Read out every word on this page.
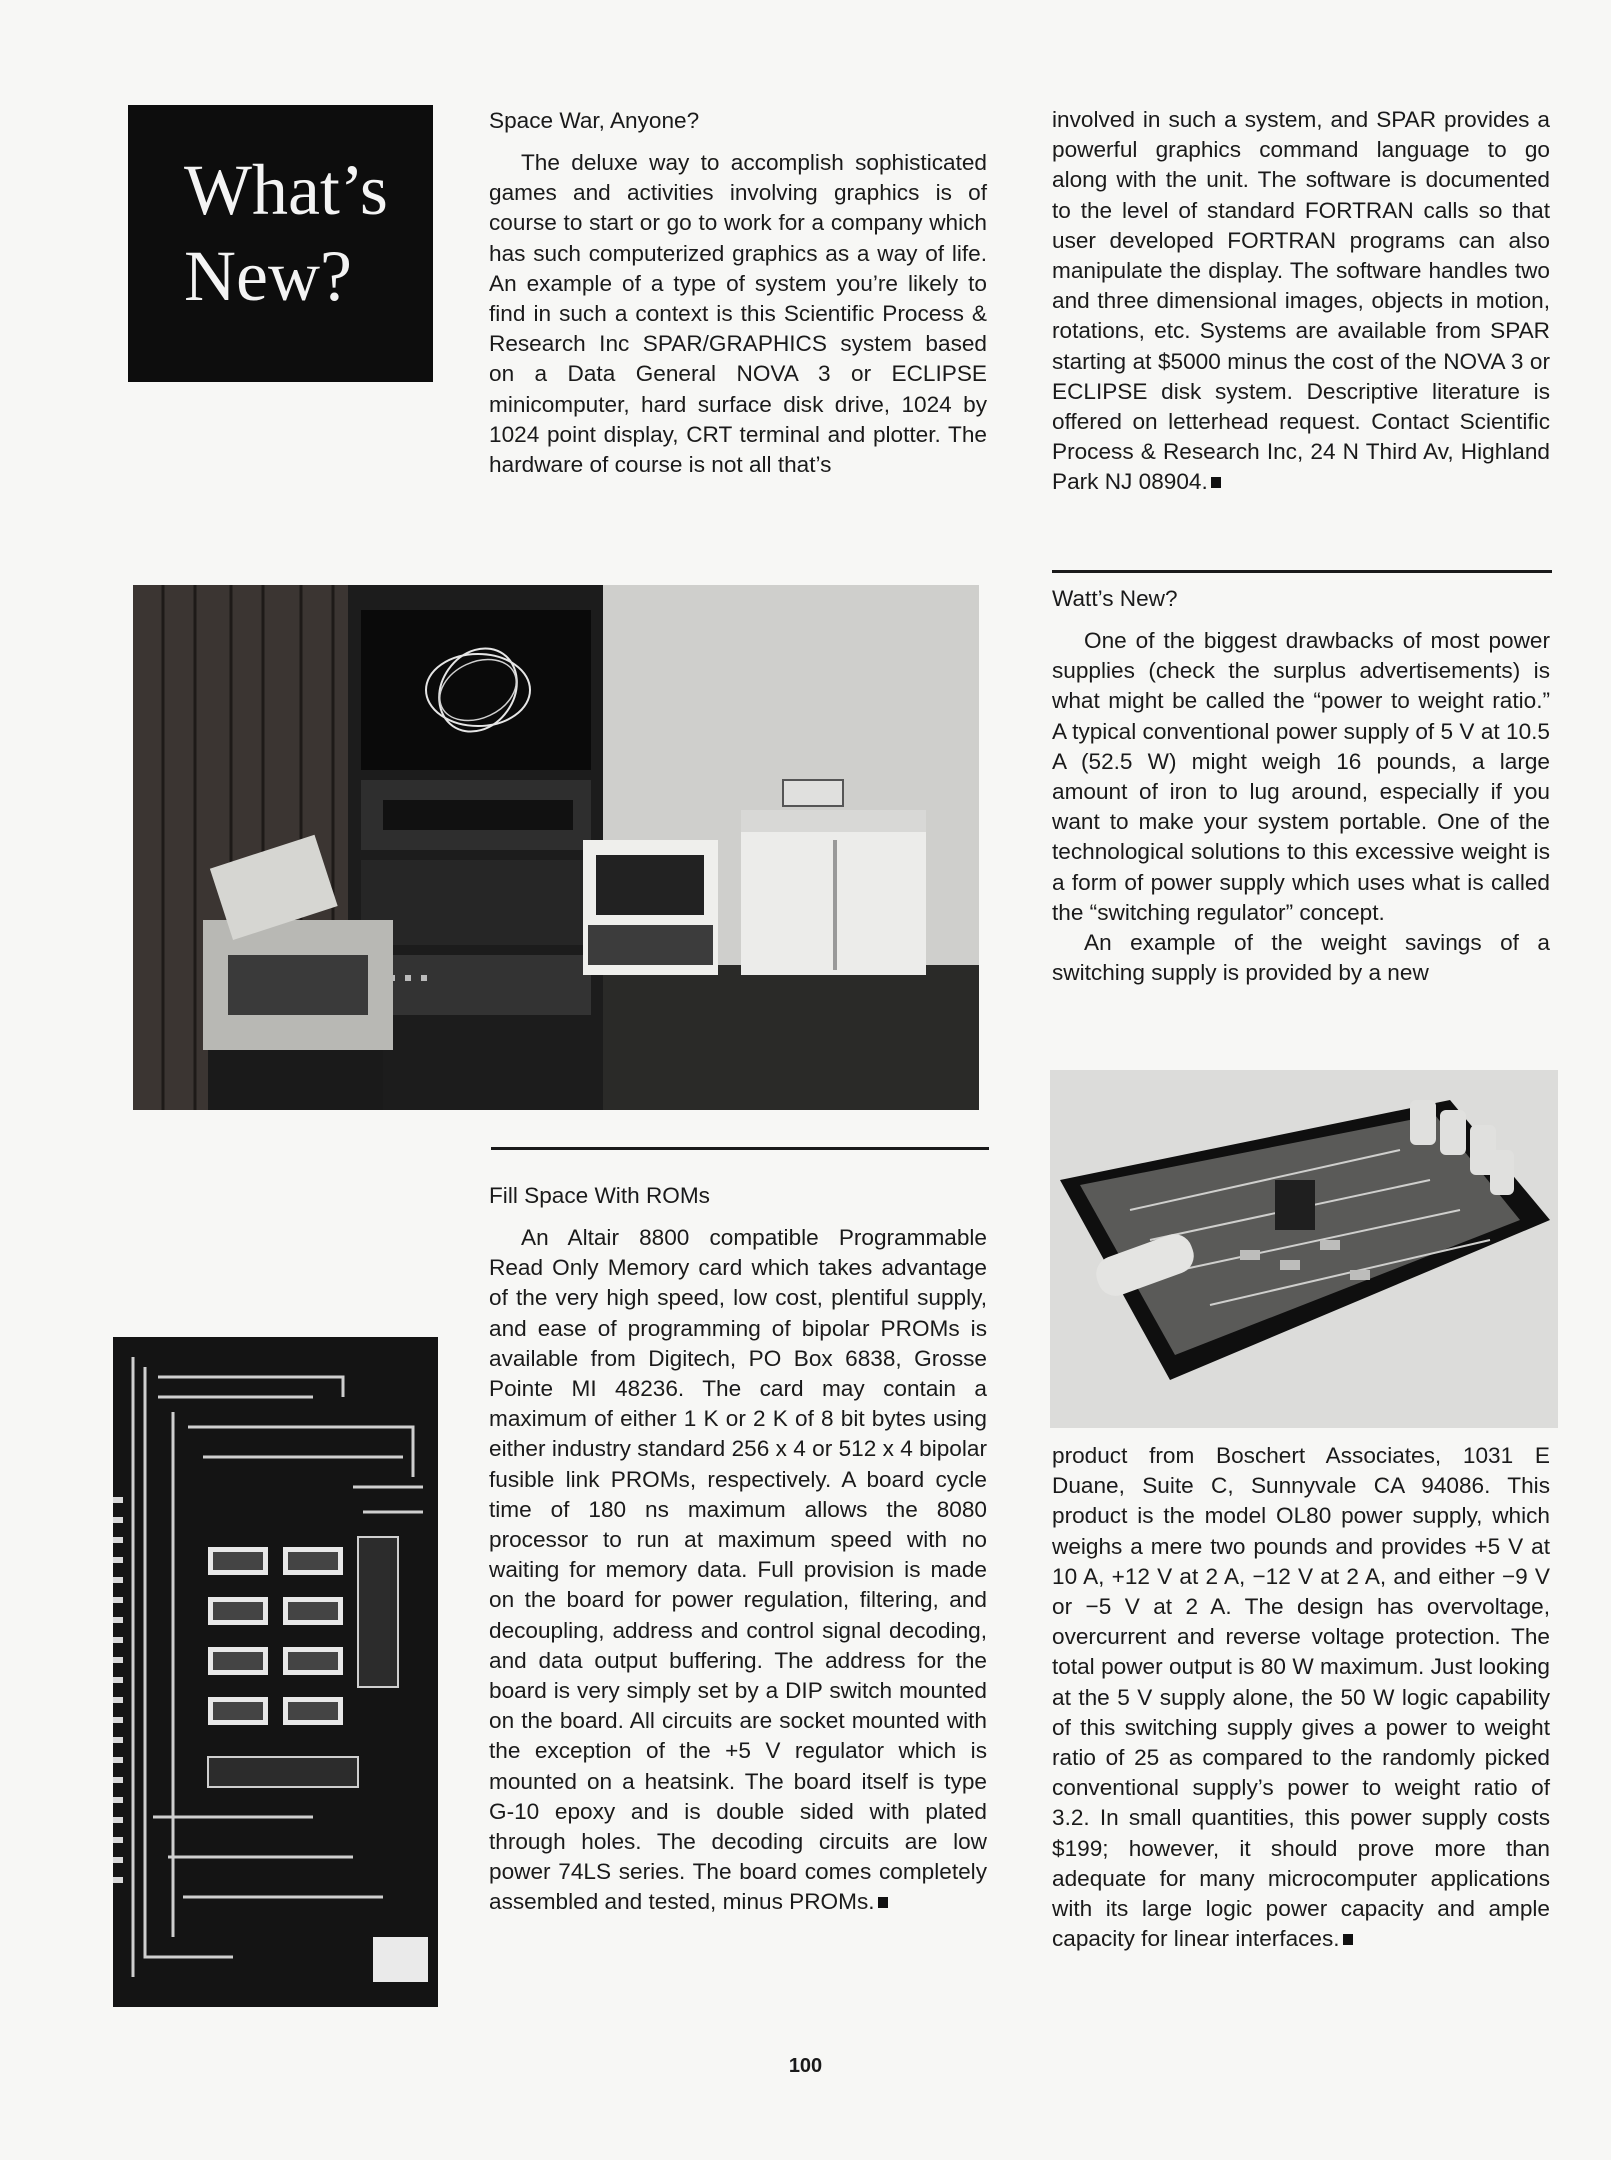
What’s
New?
Space War, Anyone?

The deluxe way to accomplish sophisticated games and activities involving graphics is of course to start or go to work for a company which has such computerized graphics as a way of life. An example of a type of system you’re likely to find in such a context is this Scientific Process & Research Inc SPAR/GRAPHICS system based on a Data General NOVA 3 or ECLIPSE minicomputer, hard surface disk drive, 1024 by 1024 point display, CRT terminal and plotter. The hardware of course is not all that’s

involved in such a system, and SPAR provides a powerful graphics command language to go along with the unit. The software is documented to the level of standard FORTRAN calls so that user developed FORTRAN programs can also manipulate the display. The software handles two and three dimensional images, objects in motion, rotations, etc. Systems are available from SPAR starting at $5000 minus the cost of the NOVA 3 or ECLIPSE disk system. Descriptive literature is offered on letterhead request. Contact Scientific Process & Research Inc, 24 N Third Av, Highland Park NJ 08904.

Watt’s New?

One of the biggest drawbacks of most power supplies (check the surplus advertisements) is what might be called the “power to weight ratio.” A typical conventional power supply of 5 V at 10.5 A (52.5 W) might weigh 16 pounds, a large amount of iron to lug around, especially if you want to make your system portable. One of the technological solutions to this excessive weight is a form of power supply which uses what is called the “switching regulator” concept.

An example of the weight savings of a switching supply is provided by a new

Fill Space With ROMs

An Altair 8800 compatible Programmable Read Only Memory card which takes advantage of the very high speed, low cost, plentiful supply, and ease of programming of bipolar PROMs is available from Digitech, PO Box 6838, Grosse Pointe MI 48236. The card may contain a maximum of either 1 K or 2 K of 8 bit bytes using either industry standard 256 x 4 or 512 x 4 bipolar fusible link PROMs, respectively. A board cycle time of 180 ns maximum allows the 8080 processor to run at maximum speed with no waiting for memory data. Full provision is made on the board for power regulation, filtering, and decoupling, address and control signal decoding, and data output buffering. The address for the board is very simply set by a DIP switch mounted on the board. All circuits are socket mounted with the exception of the +5 V regulator which is mounted on a heatsink. The board itself is type G-10 epoxy and is double sided with plated through holes. The decoding circuits are low power 74LS series. The board comes completely assembled and tested, minus PROMs.

product from Boschert Associates, 1031 E Duane, Suite C, Sunnyvale CA 94086. This product is the model OL80 power supply, which weighs a mere two pounds and provides +5 V at 10 A, +12 V at 2 A, −12 V at 2 A, and either −9 V or −5 V at 2 A. The design has overvoltage, overcurrent and reverse voltage protection. The total power output is 80 W maximum. Just looking at the 5 V supply alone, the 50 W logic capability of this switching supply gives a power to weight ratio of 25 as compared to the randomly picked conventional supply’s power to weight ratio of 3.2. In small quantities, this power supply costs $199; however, it should prove more than adequate for many microcomputer applications with its large logic power capacity and ample capacity for linear interfaces.

100
